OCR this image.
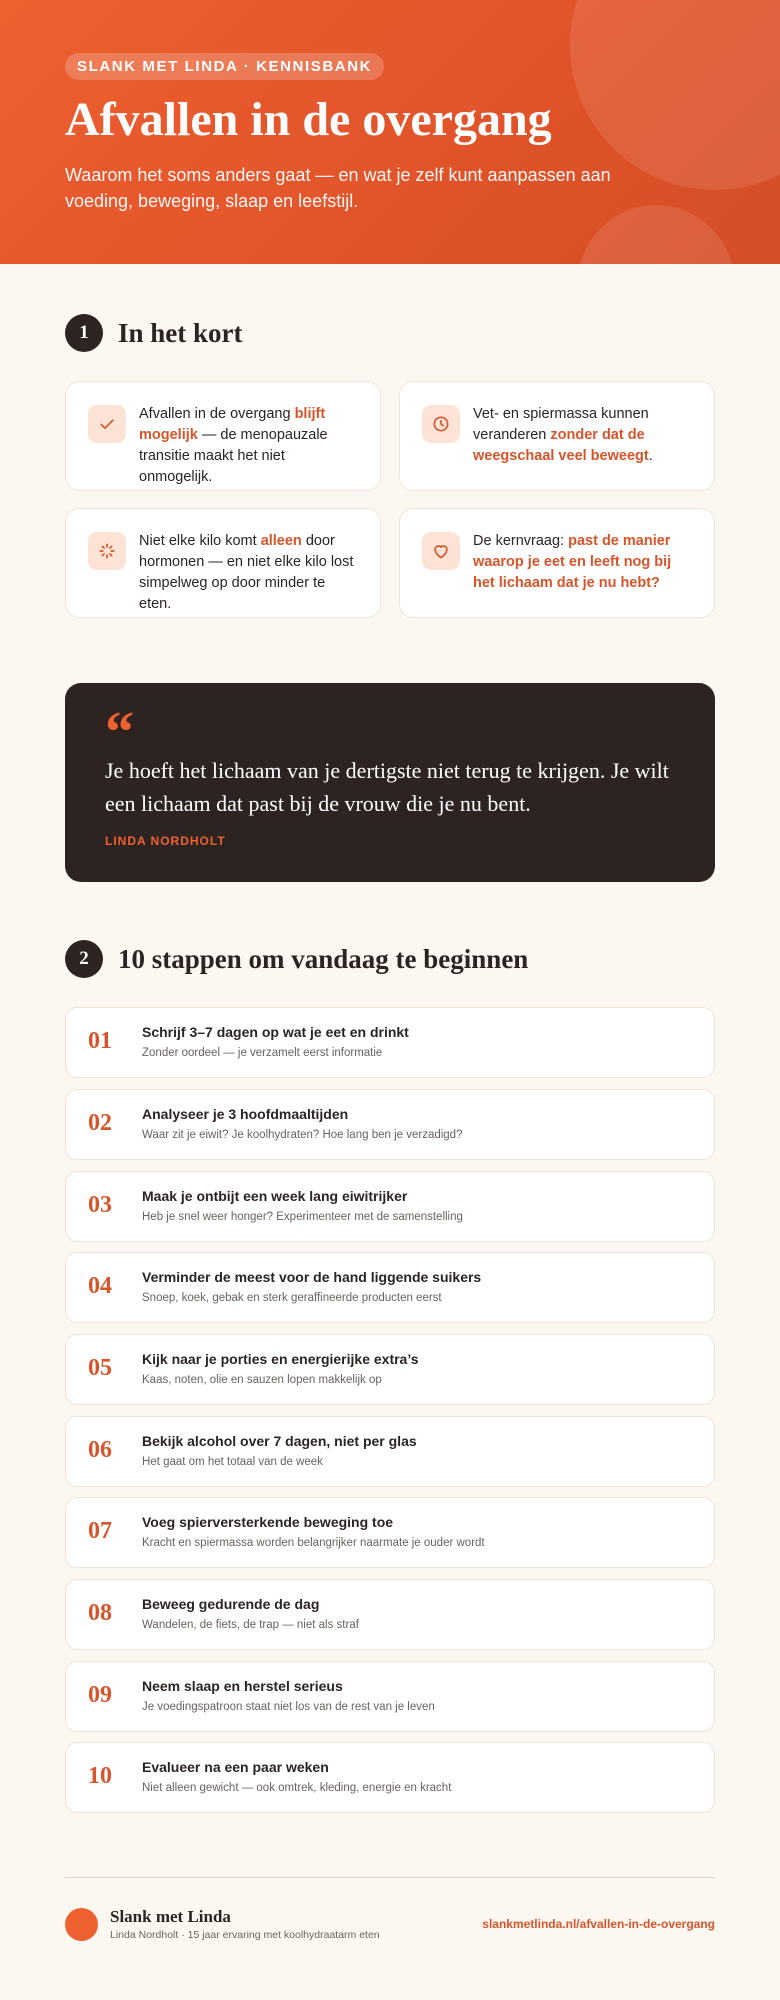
SLANK MET LINDA · KENNISBANK
Afvallen in de overgang

Waarom het soms anders gaat — en wat je zelf kunt aanpassen aan voeding, beweging, slaap en leefstijl.

1	In het kort

Afvallen in de overgang blijft mogelijk — de menopauzale transitie maakt het niet onmogelijk.

Vet- en spiermassa kunnen veranderen zonder dat de weegschaal veel beweegt.

Niet elke kilo komt alleen door hormonen — en niet elke kilo lost simpelweg op door minder te eten.

De kernvraag: past de manier waarop je eet en leeft nog bij het lichaam dat je nu hebt?

“

Je hoeft het lichaam van je dertigste niet terug te krijgen. Je wilt een lichaam dat past bij de vrouw die je nu bent.

LINDA NORDHOLT
2	10 stappen om vandaag te beginnen
01 Schrijf 3–7 dagen op wat je eet en drinkt
Zonder oordeel — je verzamelt eerst informatie
02 Analyseer je 3 hoofdmaaltijden
Waar zit je eiwit? Je koolhydraten? Hoe lang ben je verzadigd?
03 Maak je ontbijt een week lang eiwitrijker
Heb je snel weer honger? Experimenteer met de samenstelling
04 Verminder de meest voor de hand liggende suikers
Snoep, koek, gebak en sterk geraffineerde producten eerst
05 Kijk naar je porties en energierijke extra’s
Kaas, noten, olie en sauzen lopen makkelijk op
06 Bekijk alcohol over 7 dagen, niet per glas
Het gaat om het totaal van de week
07 Voeg spierversterkende beweging toe
Kracht en spiermassa worden belangrijker naarmate je ouder wordt
08 Beweeg gedurende de dag
Wandelen, de fiets, de trap — niet als straf
09 Neem slaap en herstel serieus
Je voedingspatroon staat niet los van de rest van je leven
10 Evalueer na een paar weken
Niet alleen gewicht — ook omtrek, kleding, energie en kracht
Slank met Linda
Linda Nordholt · 15 jaar ervaring met koolhydraatarm eten
slankmetlinda.nl/afvallen-in-de-overgang
